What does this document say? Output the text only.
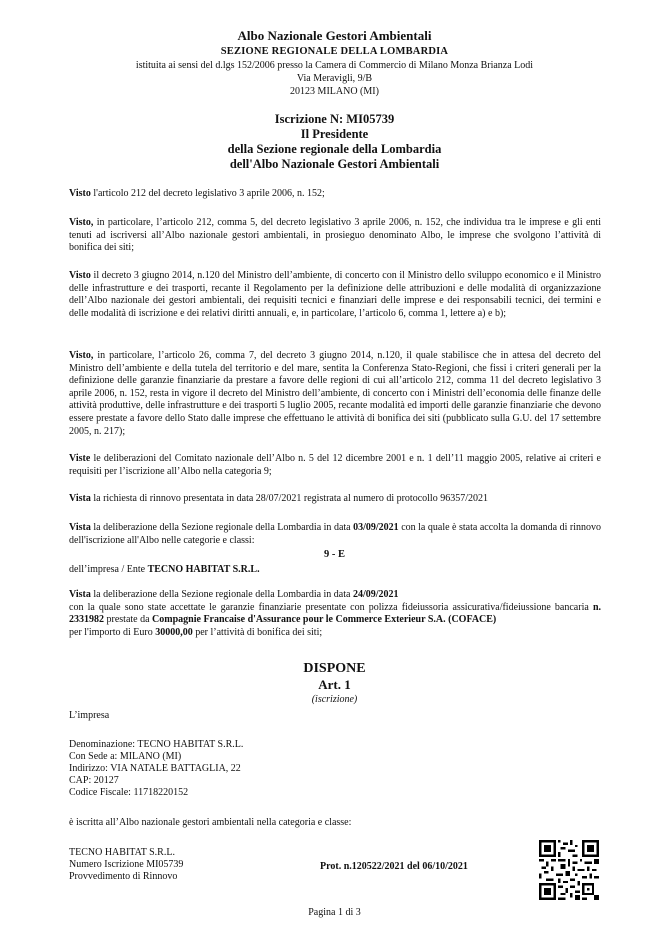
Albo Nazionale Gestori Ambientali
SEZIONE REGIONALE DELLA LOMBARDIA
istituita ai sensi del d.lgs 152/2006 presso la Camera di Commercio di Milano Monza Brianza Lodi
Via Meravigli, 9/B
20123 MILANO (MI)
Iscrizione N: MI05739
Il Presidente
della Sezione regionale della Lombardia
dell'Albo Nazionale Gestori Ambientali

Visto l'articolo 212 del decreto legislativo 3 aprile 2006, n. 152;

Visto, in particolare, l’articolo 212, comma 5, del decreto legislativo 3 aprile 2006, n. 152, che individua tra le imprese e gli enti tenuti ad iscriversi all’Albo nazionale gestori ambientali, in prosieguo denominato Albo, le imprese che svolgono l’attività di bonifica dei siti;

Visto il decreto 3 giugno 2014, n.120 del Ministro dell’ambiente, di concerto con il Ministro dello sviluppo economico e il Ministro delle infrastrutture e dei trasporti, recante il Regolamento per la definizione delle attribuzioni e delle modalità di organizzazione dell’Albo nazionale dei gestori ambientali, dei requisiti tecnici e finanziari delle imprese e dei responsabili tecnici, dei termini e delle modalità di iscrizione e dei relativi diritti annuali, e, in particolare, l’articolo 6, comma 1, lettere a) e b);

Visto, in particolare, l’articolo 26, comma 7, del decreto 3 giugno 2014, n.120, il quale stabilisce che in attesa del decreto del Ministro dell’ambiente e della tutela del territorio e del mare, sentita la Conferenza Stato-Regioni, che fissi i criteri generali per la definizione delle garanzie finanziarie da prestare a favore delle regioni di cui all’articolo 212, comma 11 del decreto legislativo 3 aprile 2006, n. 152, resta in vigore il decreto del Ministro dell’ambiente, di concerto con i Ministri dell’economia delle finanze delle attività produttive, delle infrastrutture e dei trasporti 5 luglio 2005, recante modalità ed importi delle garanzie finanziarie che devono essere prestate a favore dello Stato dalle imprese che effettuano le attività di bonifica dei siti (pubblicato sulla G.U. del 17 settembre 2005, n. 217);

Viste le deliberazioni del Comitato nazionale dell’Albo n. 5 del 12 dicembre 2001 e n. 1 dell’11 maggio 2005, relative ai criteri e requisiti per l’iscrizione all’Albo nella categoria 9;

Vista la richiesta di rinnovo presentata in data 28/07/2021 registrata al numero di protocollo 96357/2021

Vista la deliberazione della Sezione regionale della Lombardia in data 03/09/2021 con la quale è stata accolta la domanda di rinnovo dell'iscrizione all'Albo nelle categorie e classi:

9 - E

dell’impresa / Ente TECNO HABITAT S.R.L.

Vista la deliberazione della Sezione regionale della Lombardia in data 24/09/2021
con la quale sono state accettate le garanzie finanziarie presentate con polizza fideiussoria assicurativa/fideiussione bancaria n. 2331982 prestate da Compagnie Francaise d'Assurance pour le Commerce Exterieur S.A. (COFACE)
per l'importo di Euro 30000,00 per l’attività di bonifica dei siti;

DISPONE
Art. 1
(iscrizione)
L’impresa
Denominazione: TECNO HABITAT S.R.L.
Con Sede a: MILANO (MI)
Indirizzo: VIA NATALE BATTAGLIA, 22
CAP: 20127
Codice Fiscale: 11718220152
è iscritta all’Albo nazionale gestori ambientali nella categoria e classe:
TECNO HABITAT S.R.L.
Numero Iscrizione MI05739
Provvedimento di Rinnovo
Prot. n.120522/2021 del 06/10/2021
Pagina 1 di 3
